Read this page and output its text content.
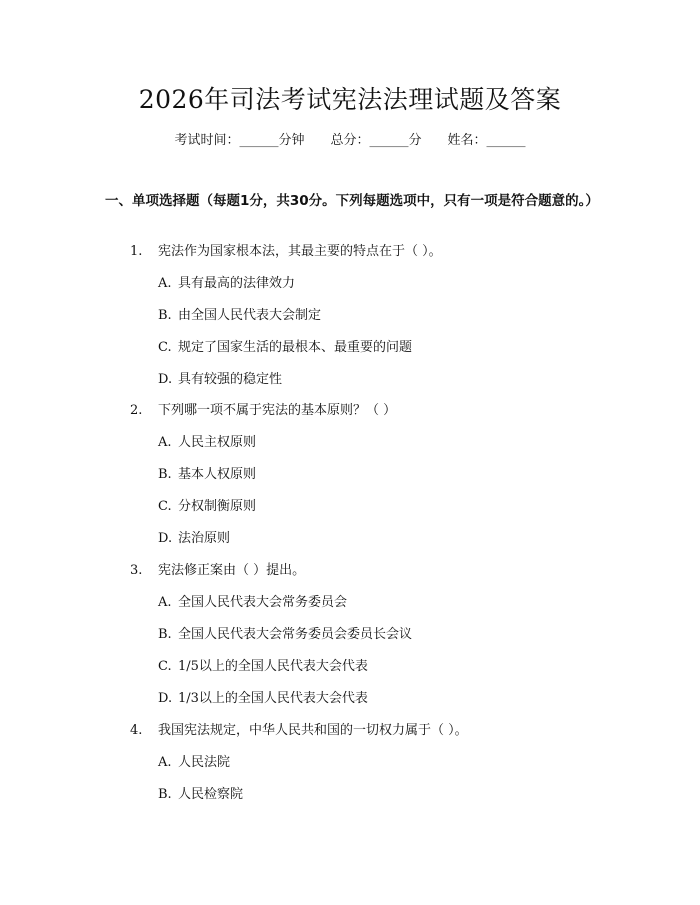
2026年司法考试宪法法理试题及答案
考试时间：______分钟 总分：______分 姓名：______
一、单项选择题（每题1分，共30分。下列每题选项中，只有一项是符合题意的。）
1. 宪法作为国家根本法，其最主要的特点在于（ ）。
A. 具有最高的法律效力
B. 由全国人民代表大会制定
C. 规定了国家生活的最根本、最重要的问题
D. 具有较强的稳定性
2. 下列哪一项不属于宪法的基本原则？（ ）
A. 人民主权原则
B. 基本人权原则
C. 分权制衡原则
D. 法治原则
3. 宪法修正案由（ ）提出。
A. 全国人民代表大会常务委员会
B. 全国人民代表大会常务委员会委员长会议
C. 1/5以上的全国人民代表大会代表
D. 1/3以上的全国人民代表大会代表
4. 我国宪法规定，中华人民共和国的一切权力属于（ ）。
A. 人民法院
B. 人民检察院
